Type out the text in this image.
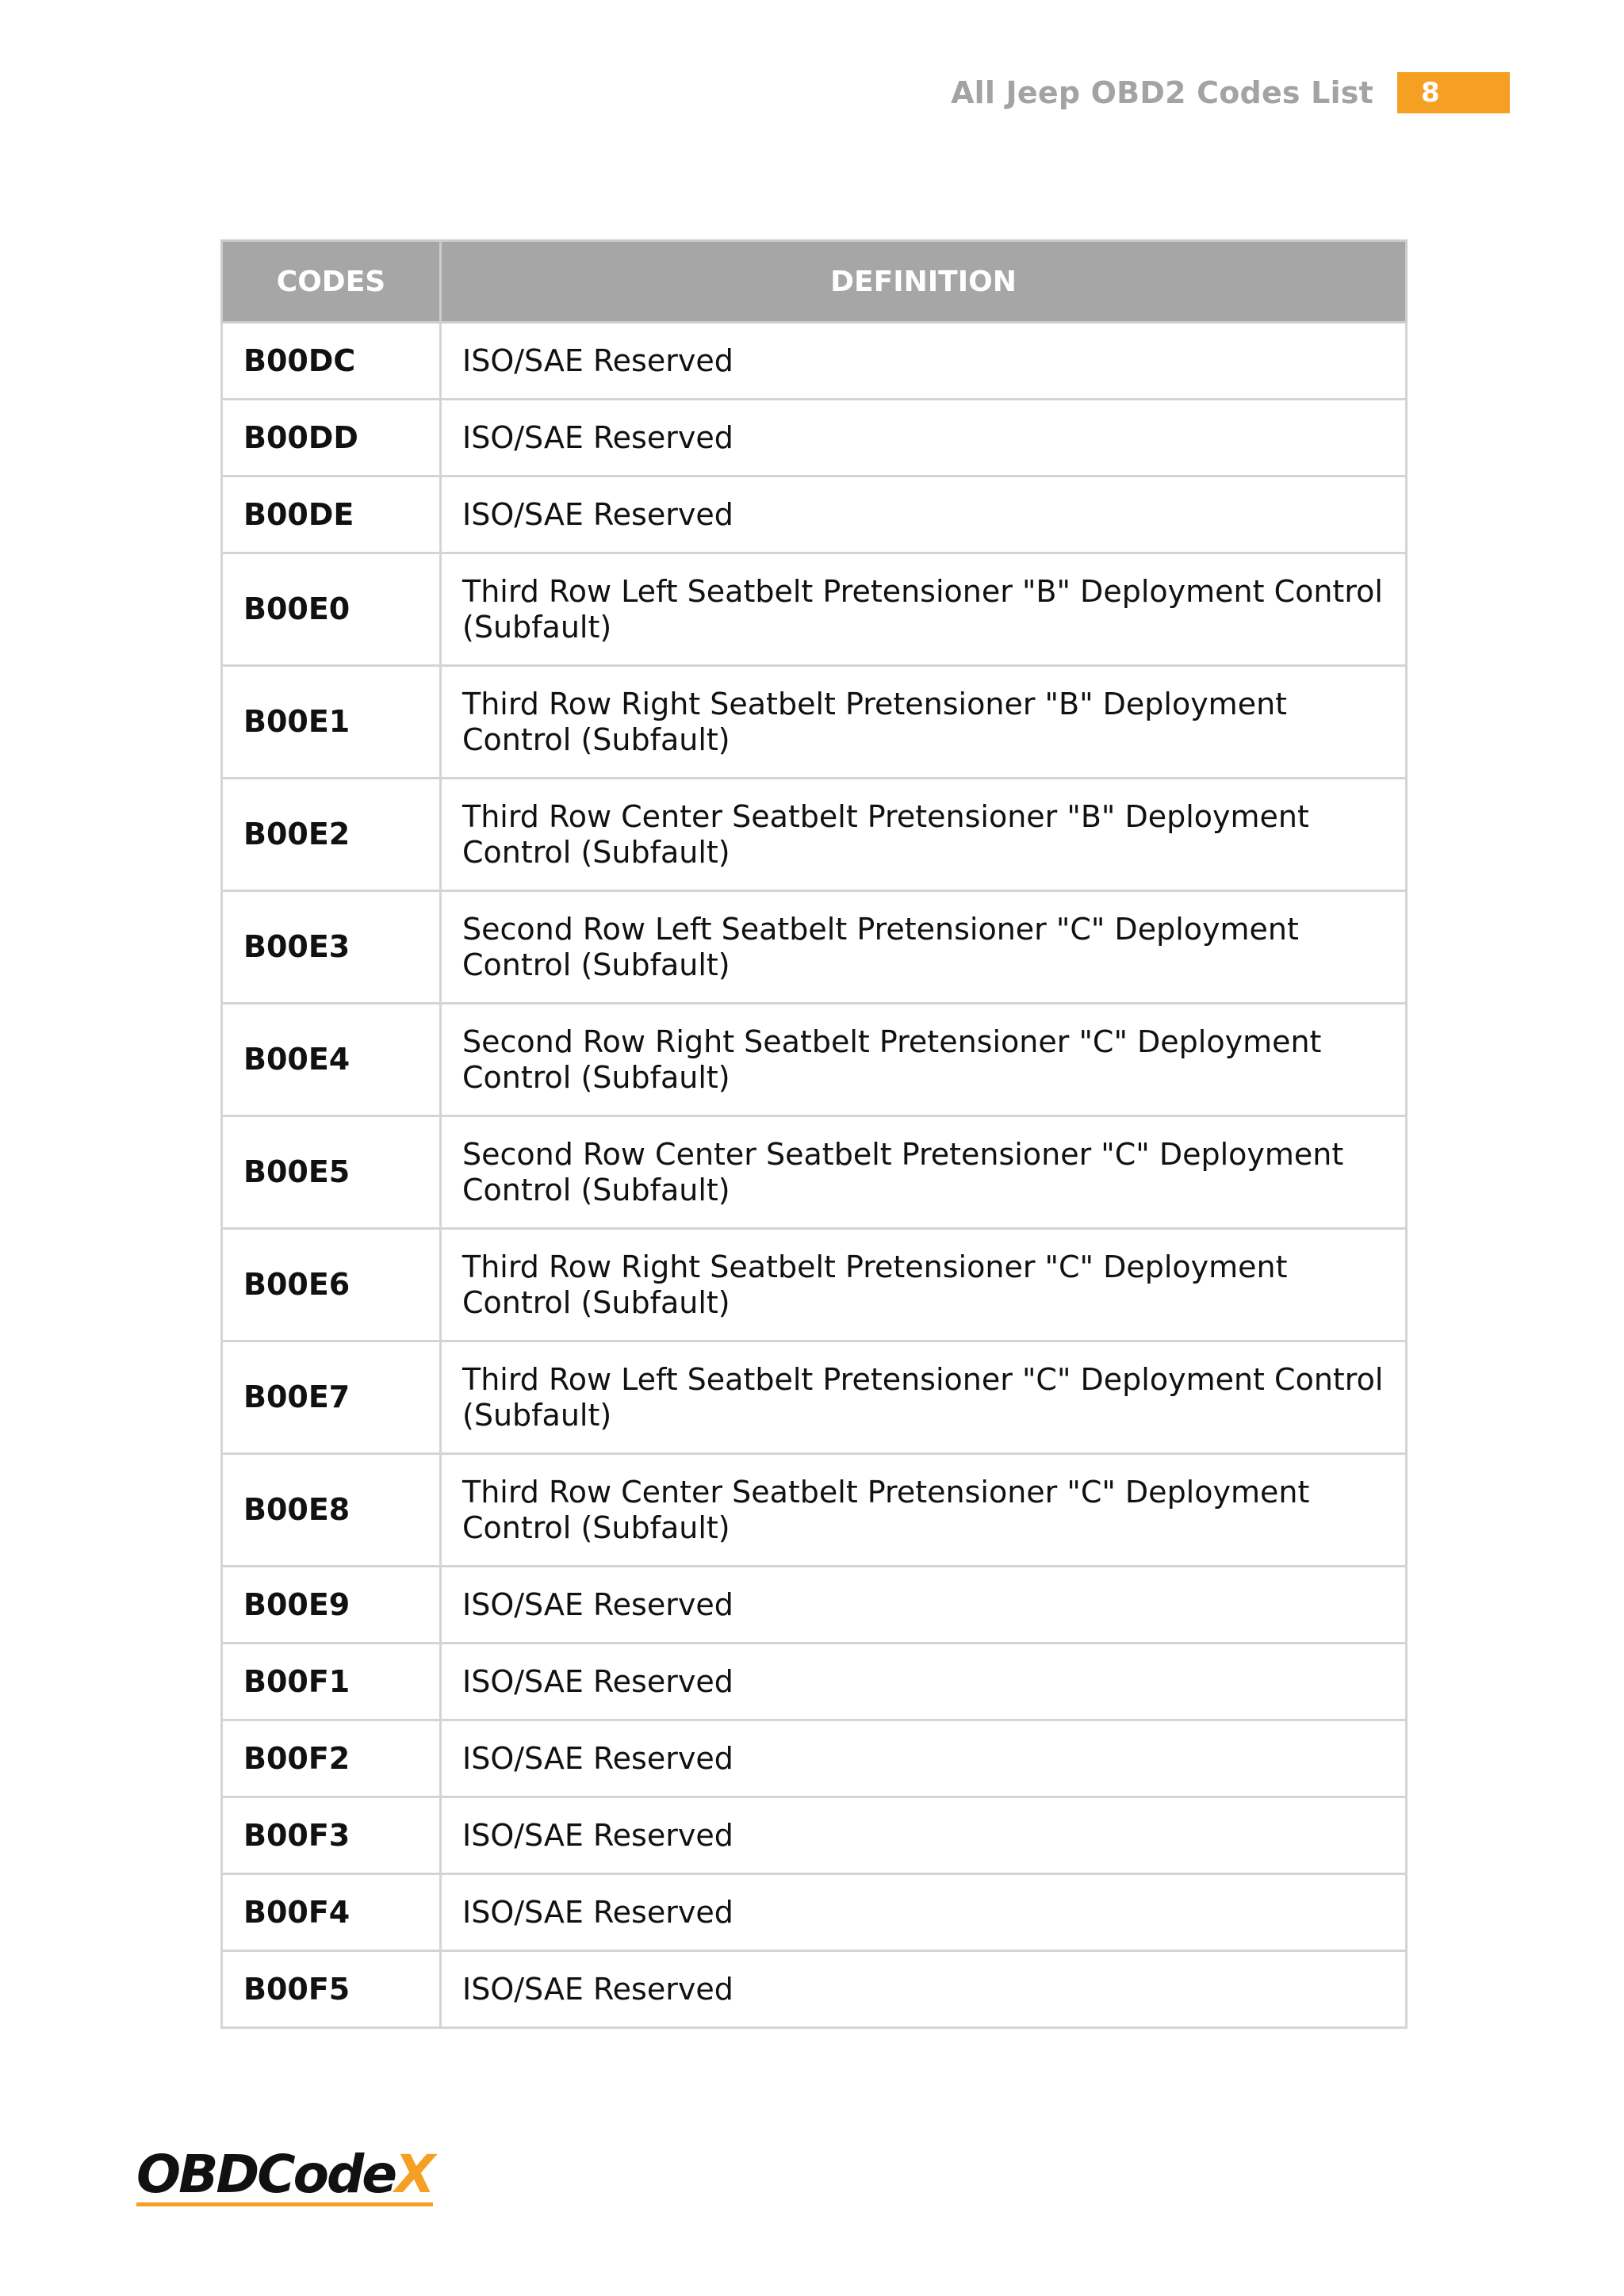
All Jeep OBD2 Codes List	8
CODES	DEFINITION
B00DC	ISO/SAE Reserved
B00DD	ISO/SAE Reserved
B00DE	ISO/SAE Reserved
B00E0	Third Row Left Seatbelt Pretensioner "B" Deployment Control (Subfault)
B00E1	Third Row Right Seatbelt Pretensioner "B" Deployment Control (Subfault)
B00E2	Third Row Center Seatbelt Pretensioner "B" Deployment Control (Subfault)
B00E3	Second Row Left Seatbelt Pretensioner "C" Deployment Control (Subfault)
B00E4	Second Row Right Seatbelt Pretensioner "C" Deployment Control (Subfault)
B00E5	Second Row Center Seatbelt Pretensioner "C" Deployment Control (Subfault)
B00E6	Third Row Right Seatbelt Pretensioner "C" Deployment Control (Subfault)
B00E7	Third Row Left Seatbelt Pretensioner "C" Deployment Control (Subfault)
B00E8	Third Row Center Seatbelt Pretensioner "C" Deployment Control (Subfault)
B00E9	ISO/SAE Reserved
B00F1	ISO/SAE Reserved
B00F2	ISO/SAE Reserved
B00F3	ISO/SAE Reserved
B00F4	ISO/SAE Reserved
B00F5	ISO/SAE Reserved
OBDCodeX
